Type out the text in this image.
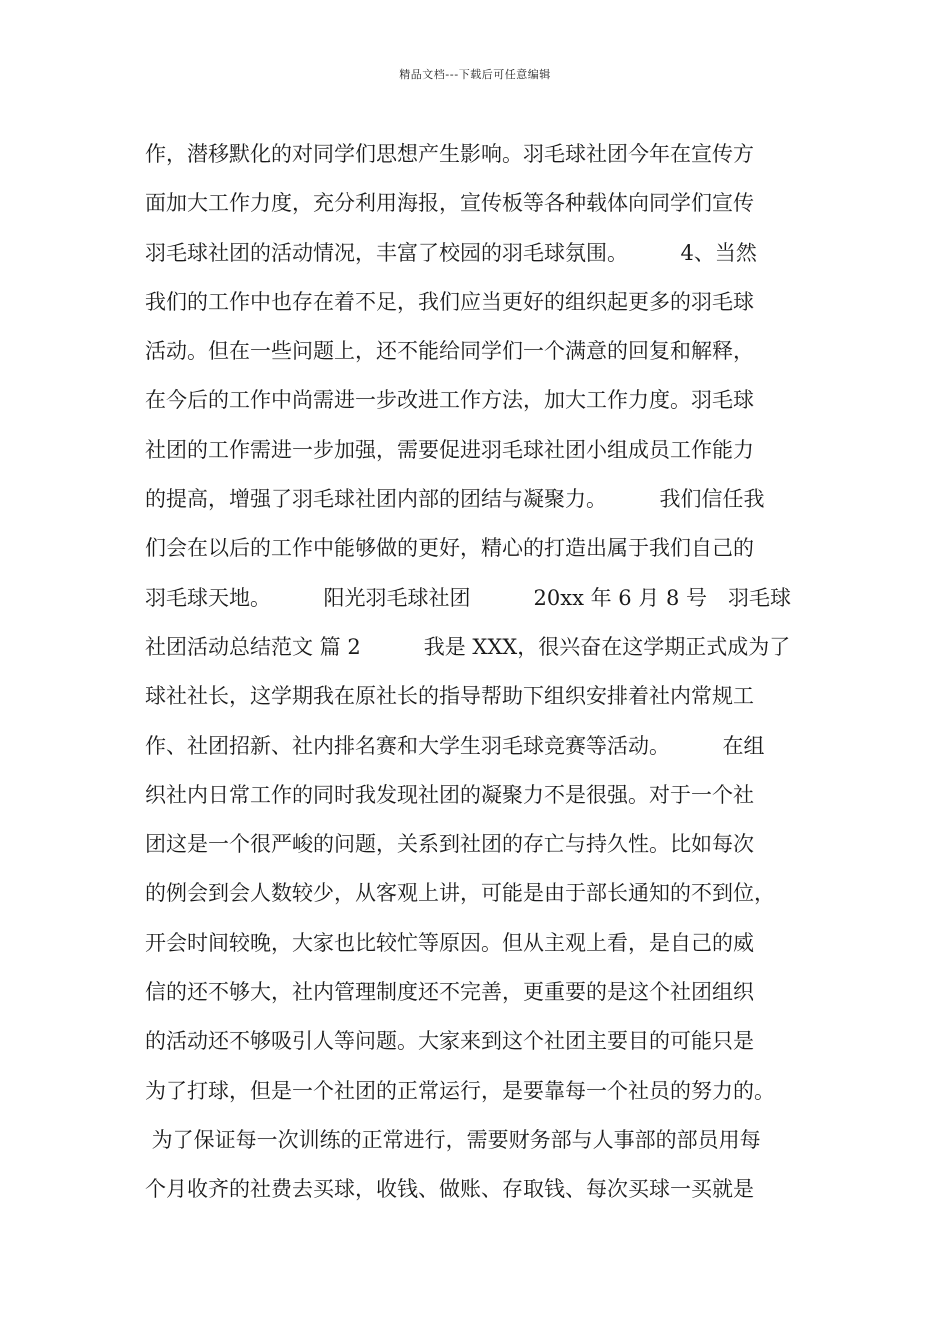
精品文档---下载后可任意编辑
作，潜移默化的对同学们思想产生影响。羽毛球社团今年在宣传方
面加大工作力度，充分利用海报，宣传板等各种载体向同学们宣传
羽毛球社团的活动情况，丰富了校园的羽毛球氛围。　　　4、当然
我们的工作中也存在着不足，我们应当更好的组织起更多的羽毛球
活动。但在一些问题上，还不能给同学们一个满意的回复和解释，
在今后的工作中尚需进一步改进工作方法，加大工作力度。羽毛球
社团的工作需进一步加强，需要促进羽毛球社团小组成员工作能力
的提高，增强了羽毛球社团内部的团结与凝聚力。　　　我们信任我
们会在以后的工作中能够做的更好，精心的打造出属于我们自己的
羽毛球天地。　　　阳光羽毛球社团　　　20xx 年 6 月 8 号　羽毛球
社团活动总结范文 篇 2　　　我是 XXX，很兴奋在这学期正式成为了
球社社长，这学期我在原社长的指导帮助下组织安排着社内常规工
作、社团招新、社内排名赛和大学生羽毛球竞赛等活动。　　　在组
织社内日常工作的同时我发现社团的凝聚力不是很强。对于一个社
团这是一个很严峻的问题，关系到社团的存亡与持久性。比如每次
的例会到会人数较少，从客观上讲，可能是由于部长通知的不到位，
开会时间较晚，大家也比较忙等原因。但从主观上看，是自己的威
信的还不够大，社内管理制度还不完善，更重要的是这个社团组织
的活动还不够吸引人等问题。大家来到这个社团主要目的可能只是
为了打球，但是一个社团的正常运行，是要靠每一个社员的努力的。
为了保证每一次训练的正常进行，需要财务部与人事部的部员用每
个月收齐的社费去买球，收钱、做账、存取钱、每次买球一买就是
